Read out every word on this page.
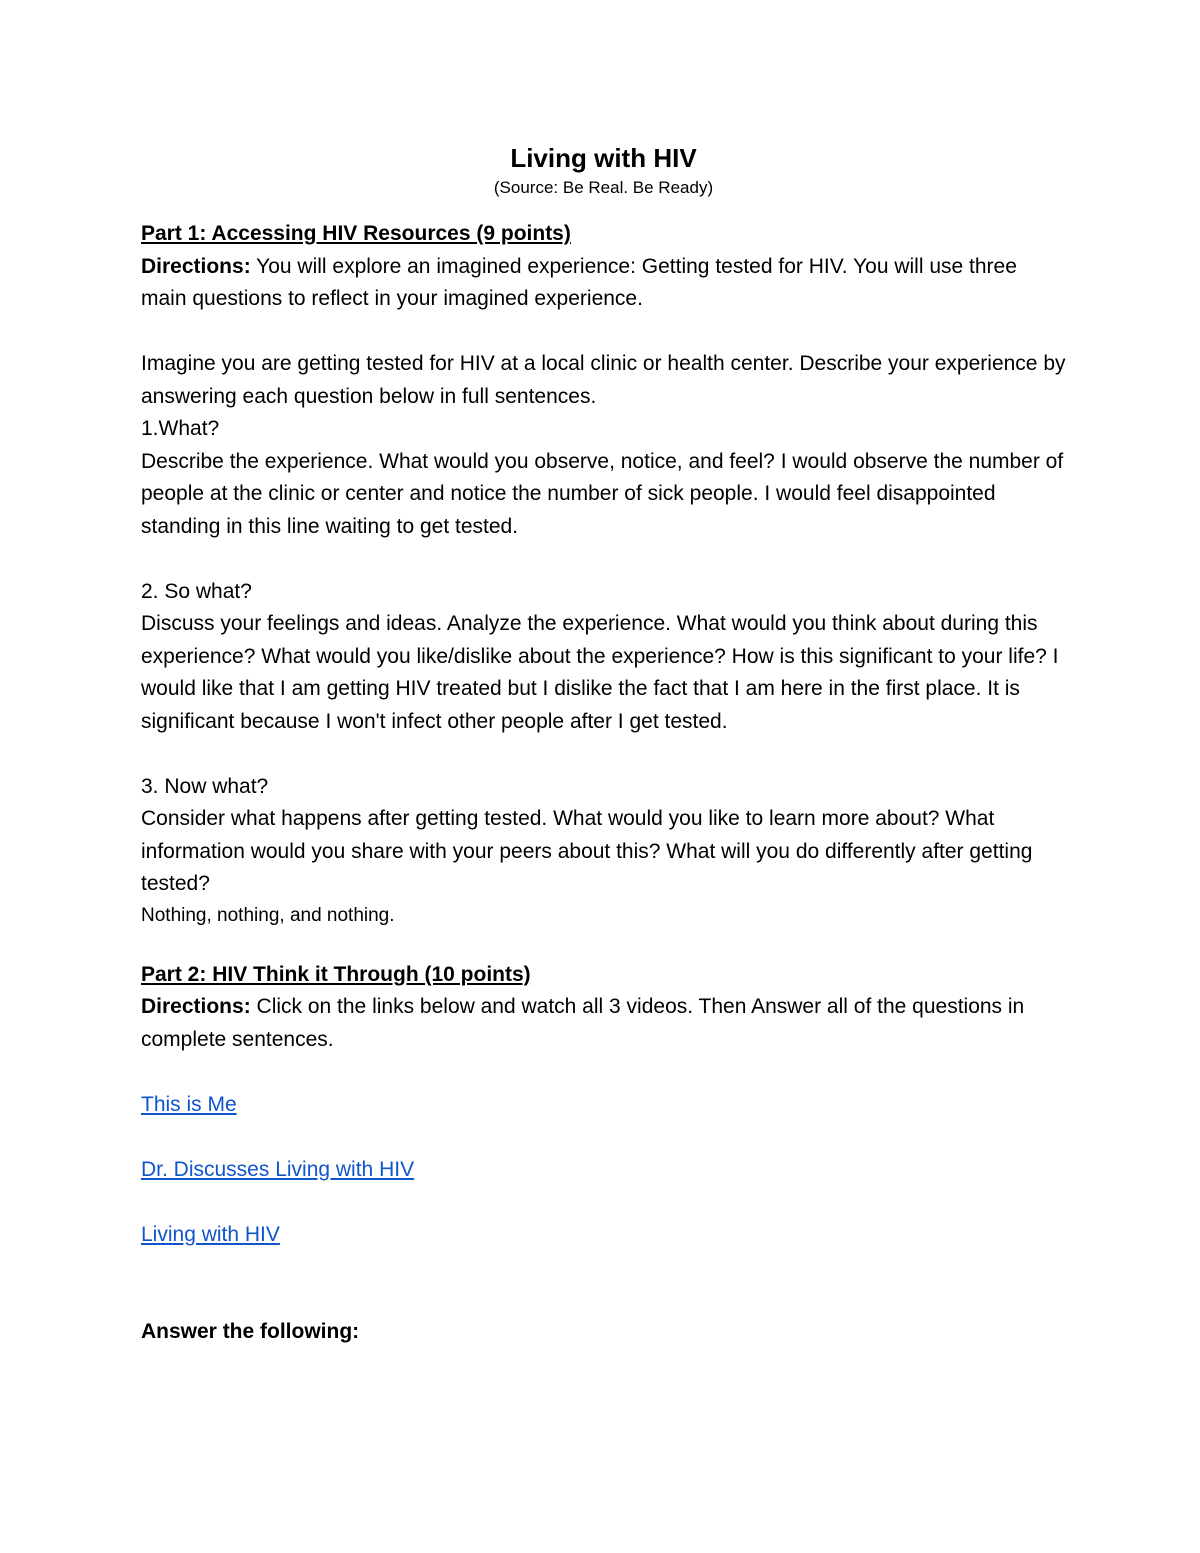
Living with HIV

(Source: Be Real. Be Ready)

Part 1: Accessing HIV Resources (9 points)

Directions: You will explore an imagined experience: Getting tested for HIV. You will use three main questions to reflect in your imagined experience.

Imagine you are getting tested for HIV at a local clinic or health center. Describe your experience by answering each question below in full sentences.

1.What?

Describe the experience. What would you observe, notice, and feel? I would observe the number of people at the clinic or center and notice the number of sick people. I would feel disappointed standing in this line waiting to get tested.

2. So what?

Discuss your feelings and ideas. Analyze the experience. What would you think about during this experience? What would you like/dislike about the experience? How is this significant to your life? I would like that I am getting HIV treated but I dislike the fact that I am here in the first place. It is significant because I won't infect other people after I get tested.

3. Now what?

Consider what happens after getting tested. What would you like to learn more about? What information would you share with your peers about this? What will you do differently after getting tested?

Nothing, nothing, and nothing.

Part 2: HIV Think it Through (10 points)

Directions: Click on the links below and watch all 3 videos. Then Answer all of the questions in complete sentences.

This is Me

Dr. Discusses Living with HIV

Living with HIV

Answer the following:
